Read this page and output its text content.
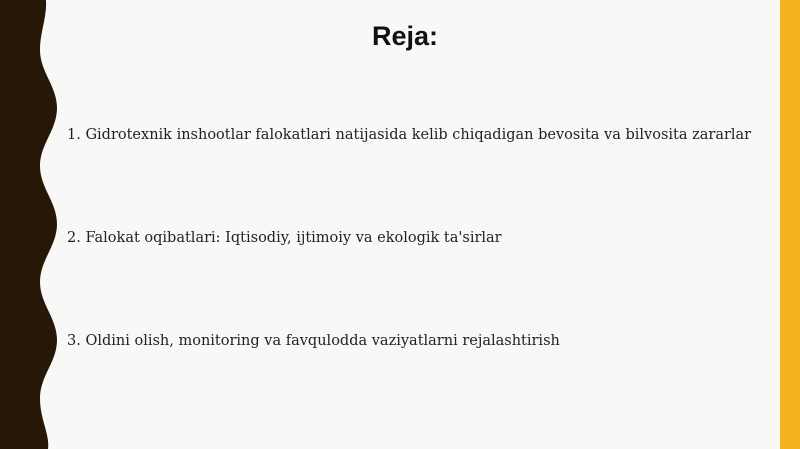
Reja:
1. Gidrotexnik inshootlar falokatlari natijasida kelib chiqadigan bevosita va bilvosita zararlar
2. Falokat oqibatlari: Iqtisodiy, ijtimoiy va ekologik ta'sirlar
3. Oldini olish, monitoring va favqulodda vaziyatlarni rejalashtirish
